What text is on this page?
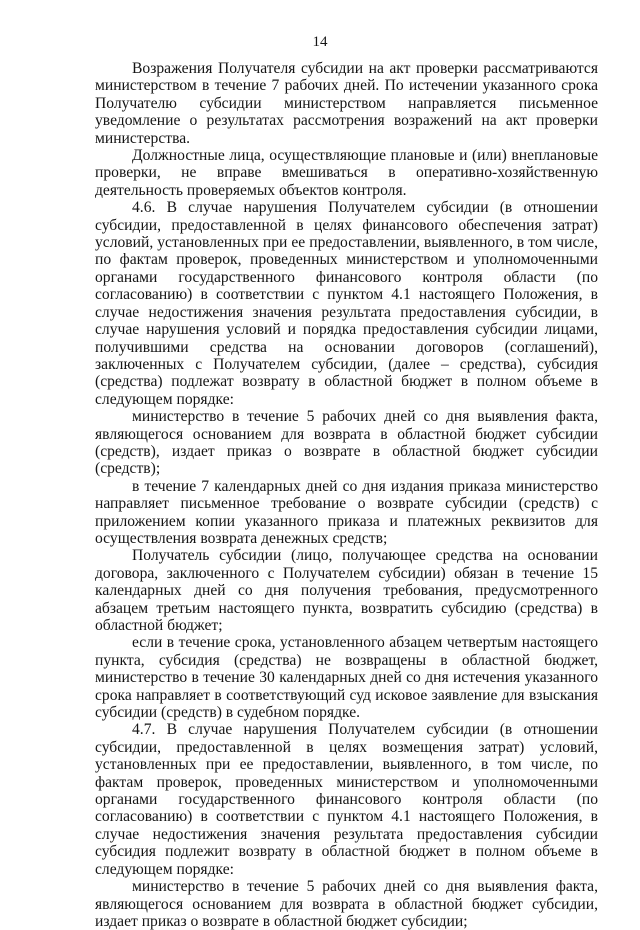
14

Возражения Получателя субсидии на акт проверки рассматриваются министерством в течение 7 рабочих дней. По истечении указанного срока Получателю субсидии министерством направляется письменное уведомление о результатах рассмотрения возражений на акт проверки министерства.

Должностные лица, осуществляющие плановые и (или) внеплановые проверки, не вправе вмешиваться в оперативно-хозяйственную деятельность проверяемых объектов контроля.

4.6. В случае нарушения Получателем субсидии (в отношении субсидии, предоставленной в целях финансового обеспечения затрат) условий, установленных при ее предоставлении, выявленного, в том числе, по фактам проверок, проведенных министерством и уполномоченными органами государственного финансового контроля области (по согласованию) в соответствии с пунктом 4.1 настоящего Положения, в случае недостижения значения результата предоставления субсидии, в случае нарушения условий и порядка предоставления субсидии лицами, получившими средства на основании договоров (соглашений), заключенных с Получателем субсидии, (далее – средства), субсидия (средства) подлежат возврату в областной бюджет в полном объеме в следующем порядке:

министерство в течение 5 рабочих дней со дня выявления факта, являющегося основанием для возврата в областной бюджет субсидии (средств), издает приказ о возврате в областной бюджет субсидии (средств);

в течение 7 календарных дней со дня издания приказа министерство направляет письменное требование о возврате субсидии (средств) с приложением копии указанного приказа и платежных реквизитов для осуществления возврата денежных средств;

Получатель субсидии (лицо, получающее средства на основании договора, заключенного с Получателем субсидии) обязан в течение 15 календарных дней со дня получения требования, предусмотренного абзацем третьим настоящего пункта, возвратить субсидию (средства) в областной бюджет;

если в течение срока, установленного абзацем четвертым настоящего пункта, субсидия (средства) не возвращены в областной бюджет, министерство в течение 30 календарных дней со дня истечения указанного срока направляет в соответствующий суд исковое заявление для взыскания субсидии (средств) в судебном порядке.

4.7. В случае нарушения Получателем субсидии (в отношении субсидии, предоставленной в целях возмещения затрат) условий, установленных при ее предоставлении, выявленного, в том числе, по фактам проверок, проведенных министерством и уполномоченными органами государственного финансового контроля области (по согласованию) в соответствии с пунктом 4.1 настоящего Положения, в случае недостижения значения результата предоставления субсидии субсидия подлежит возврату в областной бюджет в полном объеме в следующем порядке:

министерство в течение 5 рабочих дней со дня выявления факта, являющегося основанием для возврата в областной бюджет субсидии, издает приказ о возврате в областной бюджет субсидии;
